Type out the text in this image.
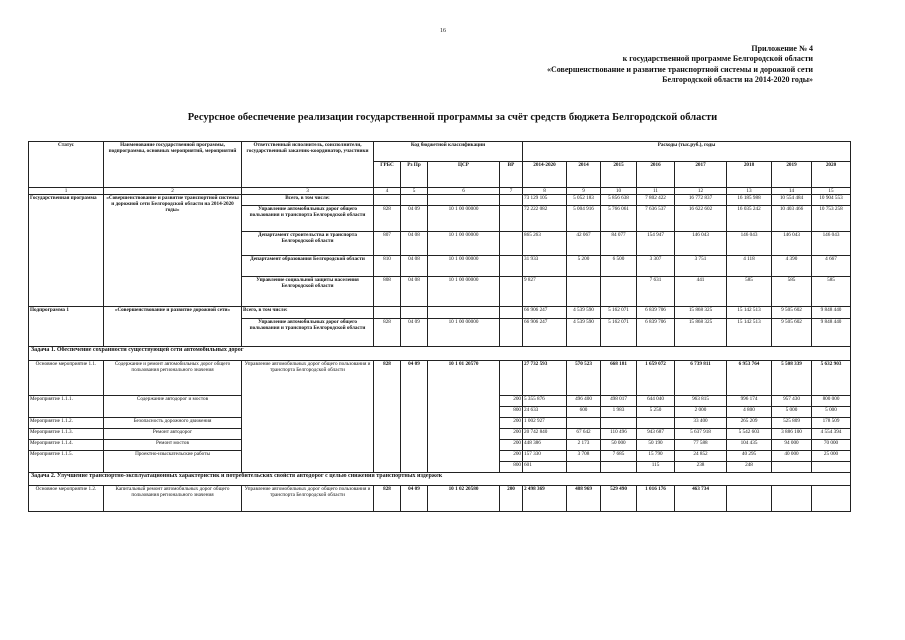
16
Приложение № 4
к государственной программе Белгородской области
«Совершенствование и развитие транспортной системы и дорожной сети
Белгородской области на 2014-2020 годы»
Ресурсное обеспечение реализации государственной программы за счёт средств бюджета Белгородской области
Статус	Наименование государственной программы, подпрограммы, основных мероприятий, мероприятий	Ответственный исполнитель, соисполнители, государственный заказчик-координатор, участники	Код бюджетной классификации				Расходы (тыс.руб.), годы							
			ГРБС	Рз Пр	ЦСР	ВР	2014-2020	2014	2015	2016	2017	2018	2019	2020
1	2	3	4	5	6	7	8	9	10	11	12	13	14	15
Государственная программа	«Совершенствование и развитие транспортной системы и дорожной сети Белгородской области на 2014-2020 годы»	Всего, в том числе:					73 129 105	5 052 183	5 856 638	7 802 422	16 772 837	16 185 988	10 554 484	10 904 553
		Управление автомобильных дорог общего пользования и транспорта Белгородской области	828	04 09	10 1 00 00000		72 222 082	5 004 916	5 766 061	7 636 537	16 622 602	16 035 242	10 403 466	10 753 258
		Департамент строительства и транспорта Белгородской области	807	04 08	10 1 00 00000		865 263	42 067	84 077	154 947	146 043	146 043	146 043	146 043
		Департамент образования Белгородской области	810	04 08	10 1 00 00000		31 933	5 200	6 500	3 307	3 751	4 118	4 390	4 667
		Управление социальной защиты населения Белгородской области	808	04 08	10 1 00 00000		9 827			7 631	441	585	585	585
Подпрограмма 1	«Совершенствование и развитие дорожной сети»	Всего, в том числе:					66 906 247	4 539 590	5 162 071	6 839 706	15 868 325	15 142 513	9 505 602	9 848 440
		Управление автомобильных дорог общего пользования и транспорта Белгородской области	828	04 09	10 1 00 00000		66 906 247	4 539 590	5 162 071	6 839 706	15 868 325	15 142 513	9 505 602	9 848 440
Задача 1. Обеспечение сохранности существующей сети автомобильных дорог														
Основное мероприятие 1.1.	Содержание и ремонт автомобильных дорог общего пользования регионального значения	Управление автомобильных дорог общего пользования и транспорта Белгородской области	828	04 09	10 1 01 20570		27 732 593	570 523	668 181	1 659 072	6 739 811	6 953 764	5 508 339	5 632 903
Мероприятие 1.1.1.	Содержание автодорог и мостов					200	5 355 876	496 400	498 017	644 040	963 815	996 174	957 430	800 000
						800	24 633	600	1 983	5 250	2 000	4 800	5 000	5 000
Мероприятие 1.1.2.	Безопасность дорожного движения					200	1 002 927				33 400	265 209	525 809	178 509
Мероприятие 1.1.3.	Ремонт автодорог					200	20 742 840	67 642	110 496	943 687	5 637 918	5 542 603	3 886 100	4 554 394
Мероприятие 1.1.4.	Ремонт мостов					200	448 386	2 173	50 000	50 190	77 588	104 435	94 000	70 000
Мероприятие 1.1.5.	Проектно-изыскательские работы					200	157 330	3 708	7 685	15 790	24 852	40 295	40 000	25 000
						800	601			115	238	248		
Задача 2. Улучшение транспортно-эксплуатационных характеристик и потребительских свойств автодорог с целью снижения транспортных издержек														
Основное мероприятие 1.2.	Капитальный ремонт автомобильных дорог общего пользования регионального значения	Управление автомобильных дорог общего пользования и транспорта Белгородской области	828	04 09	10 1 02 20580	200	2 498 369	488 969	529 490	1 016 176	463 734			
